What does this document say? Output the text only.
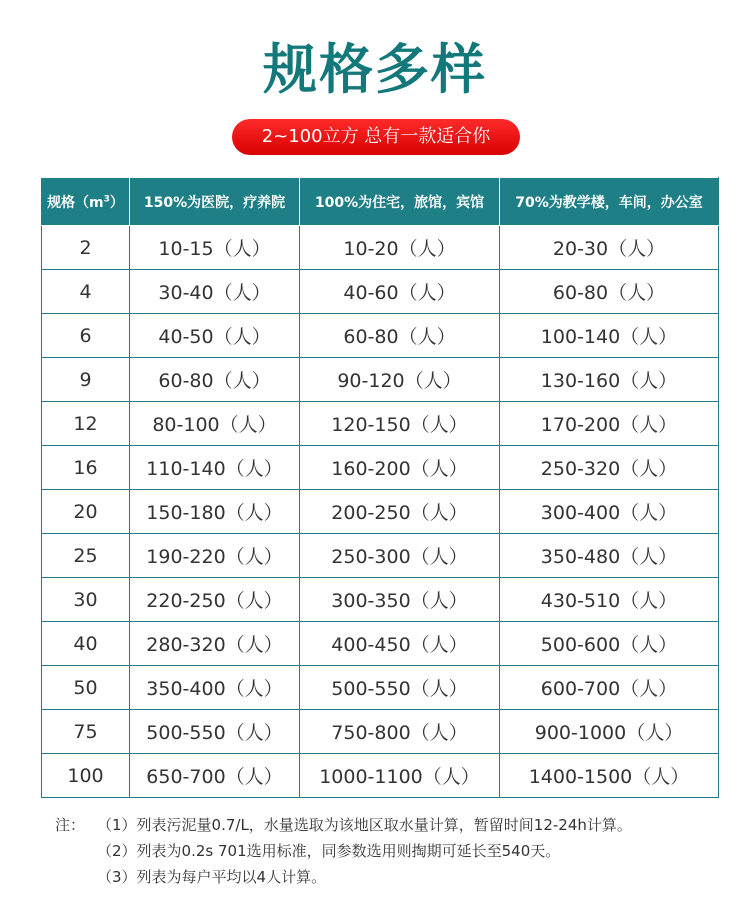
规格多样
2~100立方 总有一款适合你
规格$(m^3)$	150%为医院，疗养院	100%为住宅，旅馆，宾馆	70%为教学楼，车间，办公室
2	10-15（人）	10-20（人）	20-30（人）
4	30-40（人）	40-60（人）	60-80（人）
6	40-50（人）	60-80（人）	100-140（人）
9	60-80（人）	90-120（人）	130-160（人）
12	80-100（人）	120-150（人）	170-200（人）
16	110-140（人）	160-200（人）	250-320（人）
20	150-180（人）	200-250（人）	300-400（人）
25	190-220（人）	250-300（人）	350-480（人）
30	220-250（人）	300-350（人）	430-510（人）
40	280-320（人）	400-450（人）	500-600（人）
50	350-400（人）	500-550（人）	600-700（人）
75	500-550（人）	750-800（人）	900-1000（人）
100	650-700（人）	1000-1100（人）	1400-1500（人）
注： （1）列表污泥量0.7/L，水量选取为该地区取水量计算，暂留时间12-24h计算。
（2）列表为0.2s 701选用标准，同参数选用则掏期可延长至540天。
（3）列表为每户平均以4人计算。
